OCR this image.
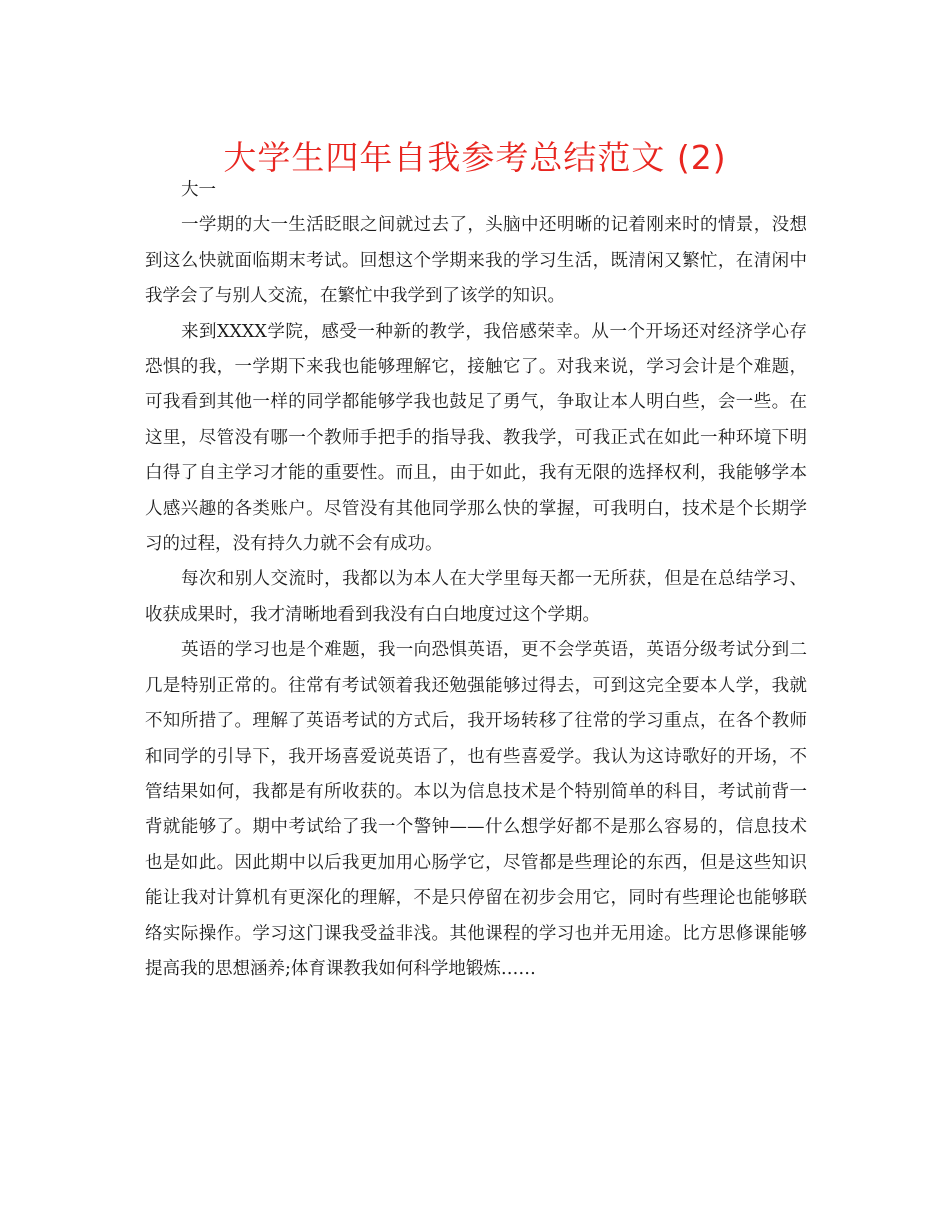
大学生四年自我参考总结范文 (2)

大一

一学期的大一生活眨眼之间就过去了，头脑中还明晰的记着刚来时的情景，没想到这么快就面临期末考试。回想这个学期来我的学习生活，既清闲又繁忙，在清闲中我学会了与别人交流，在繁忙中我学到了该学的知识。

来到XXXX学院，感受一种新的教学，我倍感荣幸。从一个开场还对经济学心存恐惧的我，一学期下来我也能够理解它，接触它了。对我来说，学习会计是个难题，可我看到其他一样的同学都能够学我也鼓足了勇气，争取让本人明白些，会一些。在这里，尽管没有哪一个教师手把手的指导我、教我学，可我正式在如此一种环境下明白得了自主学习才能的重要性。而且，由于如此，我有无限的选择权利，我能够学本人感兴趣的各类账户。尽管没有其他同学那么快的掌握，可我明白，技术是个长期学习的过程，没有持久力就不会有成功。

每次和别人交流时，我都以为本人在大学里每天都一无所获，但是在总结学习、收获成果时，我才清晰地看到我没有白白地度过这个学期。

英语的学习也是个难题，我一向恐惧英语，更不会学英语，英语分级考试分到二几是特别正常的。往常有考试领着我还勉强能够过得去，可到这完全要本人学，我就不知所措了。理解了英语考试的方式后，我开场转移了往常的学习重点，在各个教师和同学的引导下，我开场喜爱说英语了，也有些喜爱学。我认为这诗歌好的开场，不管结果如何，我都是有所收获的。本以为信息技术是个特别简单的科目，考试前背一背就能够了。期中考试给了我一个警钟——什么想学好都不是那么容易的，信息技术也是如此。因此期中以后我更加用心肠学它，尽管都是些理论的东西，但是这些知识能让我对计算机有更深化的理解，不是只停留在初步会用它，同时有些理论也能够联络实际操作。学习这门课我受益非浅。其他课程的学习也并无用途。比方思修课能够提高我的思想涵养;体育课教我如何科学地锻炼……
